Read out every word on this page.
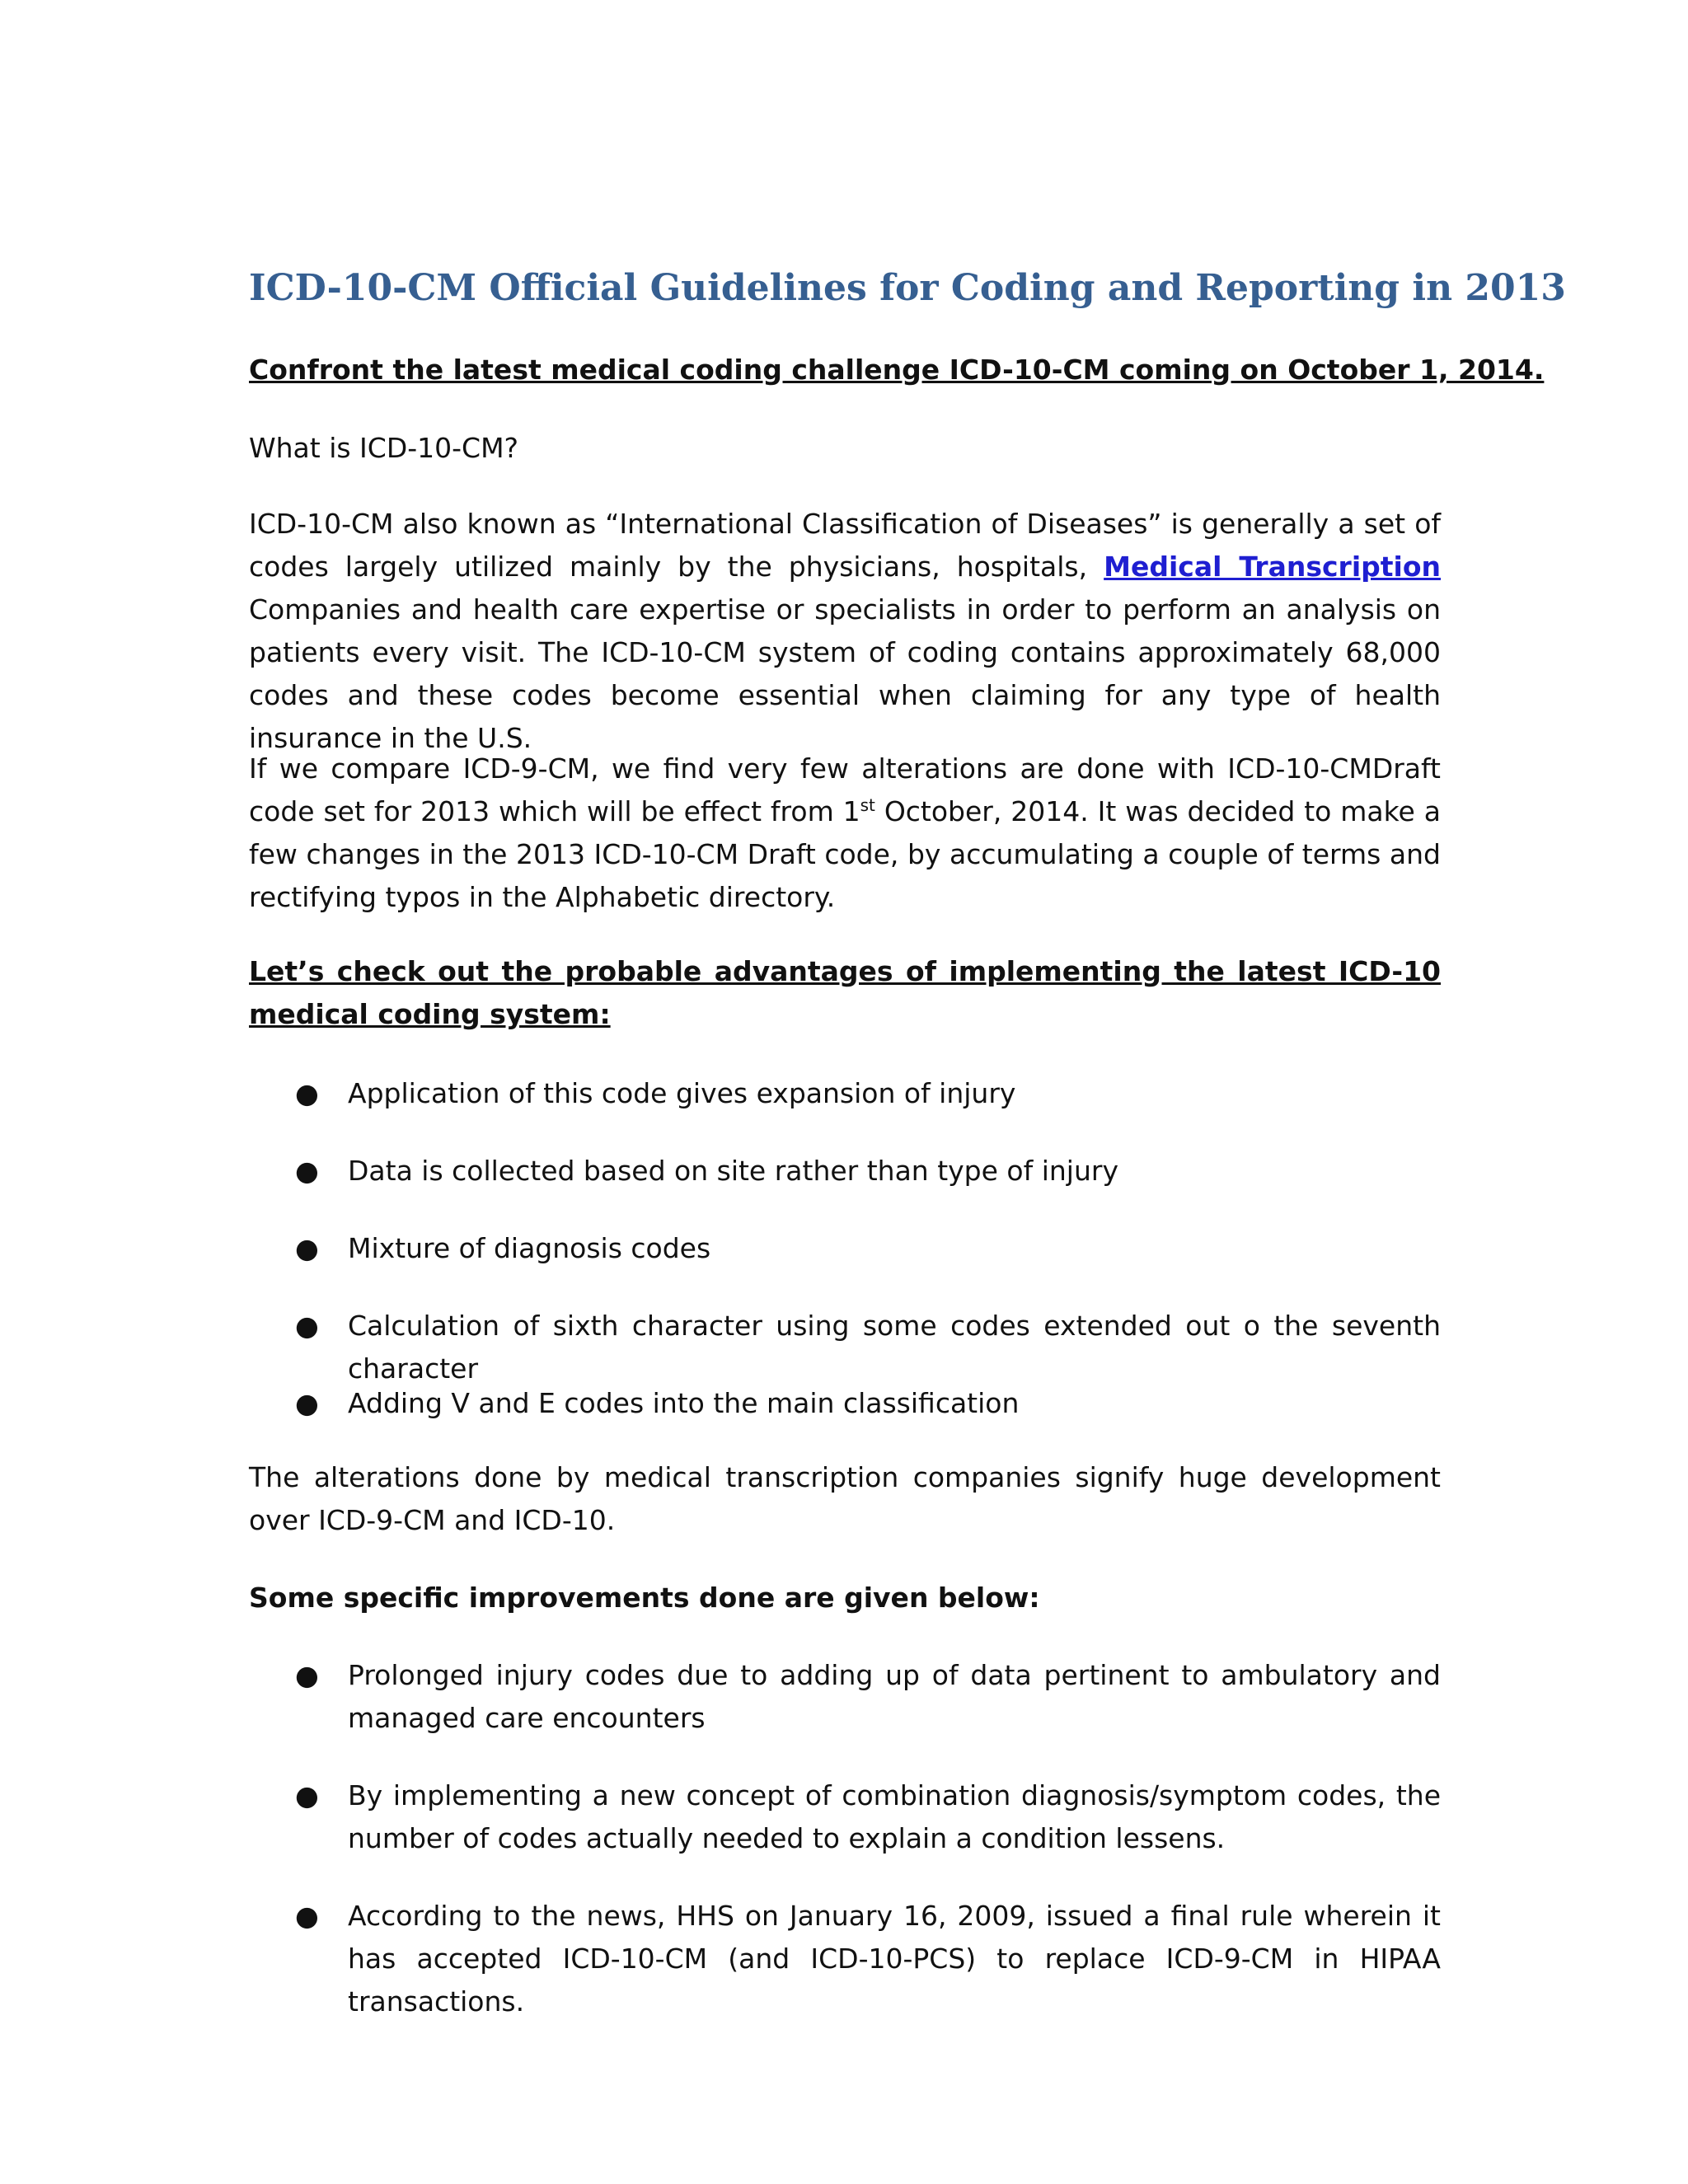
ICD-10-CM Official Guidelines for Coding and Reporting in 2013
Confront the latest medical coding challenge ICD-10-CM coming on October 1, 2014.
What is ICD-10-CM?
ICD-10-CM also known as “International Classification of Diseases” is generally a set of codes largely utilized mainly by the physicians, hospitals, Medical Transcription Companies and health care expertise or specialists in order to perform an analysis on patients every visit. The ICD-10-CM system of coding contains approximately 68,000 codes and these codes become essential when claiming for any type of health insurance in the U.S.
If we compare ICD-9-CM, we find very few alterations are done with ICD-10-CMDraft code set for 2013 which will be effect from 1st October, 2014. It was decided to make a few changes in the 2013 ICD-10-CM Draft code, by accumulating a couple of terms and rectifying typos in the Alphabetic directory.
Let’s check out the probable advantages of implementing the latest ICD-10 medical coding system:
● Application of this code gives expansion of injury
● Data is collected based on site rather than type of injury
● Mixture of diagnosis codes
● Calculation of sixth character using some codes extended out o the seventh character
● Adding V and E codes into the main classification
The alterations done by medical transcription companies signify huge development over ICD-9-CM and ICD-10.
Some specific improvements done are given below:
● Prolonged injury codes due to adding up of data pertinent to ambulatory and managed care encounters
● By implementing a new concept of combination diagnosis/symptom codes, the number of codes actually needed to explain a condition lessens.
● According to the news, HHS on January 16, 2009, issued a final rule wherein it has accepted ICD-10-CM (and ICD-10-PCS) to replace ICD-9-CM in HIPAA transactions.
